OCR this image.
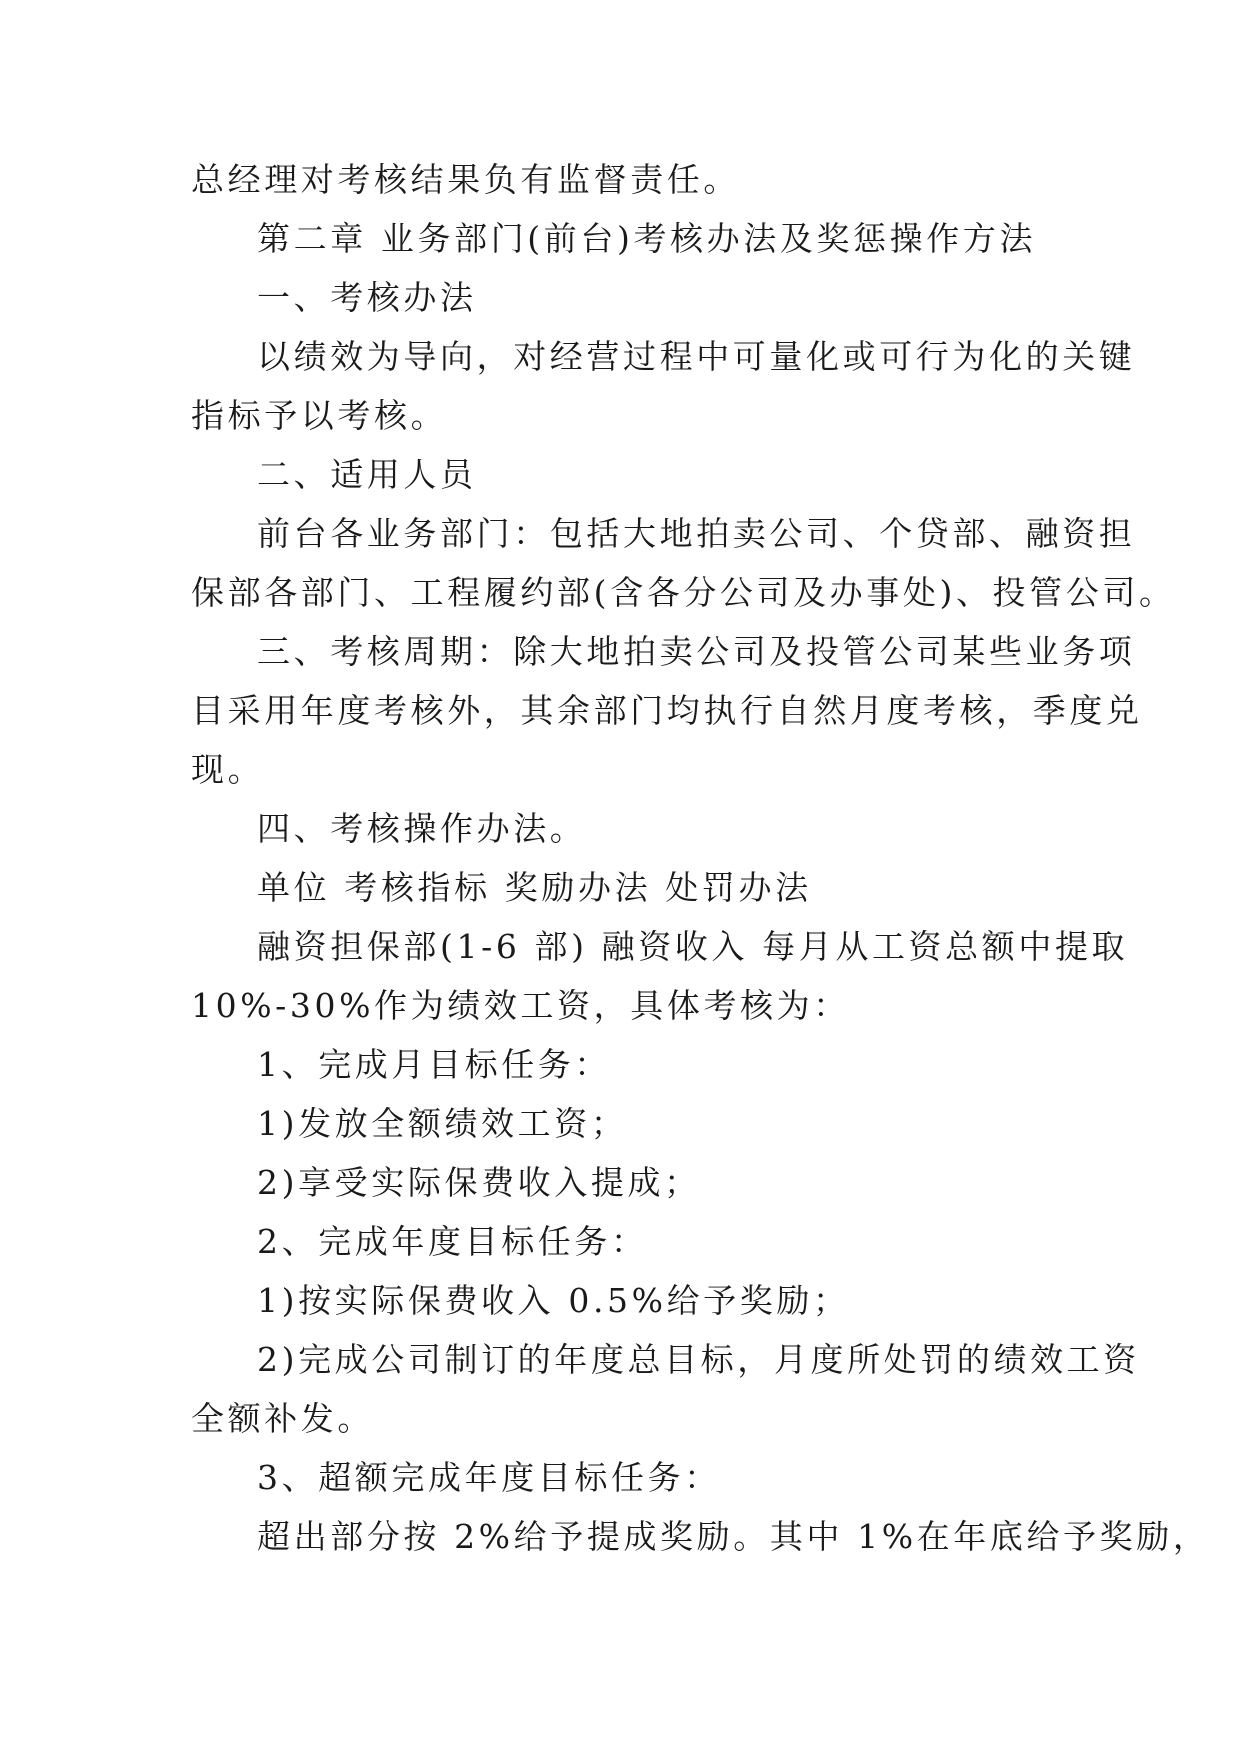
总经理对考核结果负有监督责任。
第二章 业务部门(前台)考核办法及奖惩操作方法
一、考核办法
以绩效为导向，对经营过程中可量化或可行为化的关键
指标予以考核。
二、适用人员
前台各业务部门：包括大地拍卖公司、个贷部、融资担
保部各部门、工程履约部(含各分公司及办事处)、投管公司。
三、考核周期：除大地拍卖公司及投管公司某些业务项
目采用年度考核外，其余部门均执行自然月度考核，季度兑
现。
四、考核操作办法。
单位 考核指标 奖励办法 处罚办法
融资担保部(1-6 部) 融资收入 每月从工资总额中提取
10%-30%作为绩效工资，具体考核为：
1、完成月目标任务：
1)发放全额绩效工资；
2)享受实际保费收入提成；
2、完成年度目标任务：
1)按实际保费收入 0.5%给予奖励；
2)完成公司制订的年度总目标，月度所处罚的绩效工资
全额补发。
3、超额完成年度目标任务：
超出部分按 2%给予提成奖励。其中 1%在年底给予奖励，
